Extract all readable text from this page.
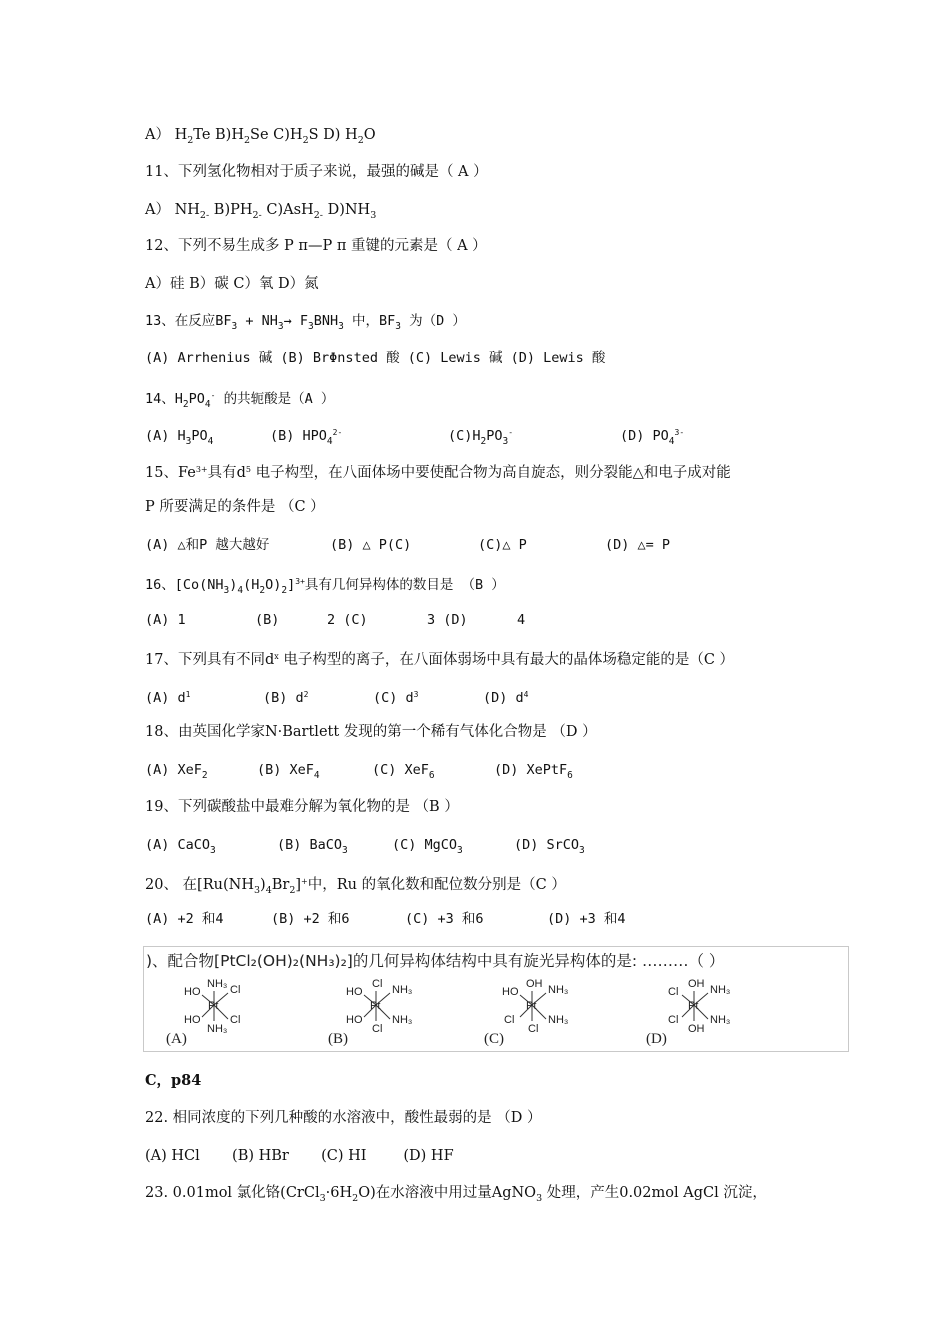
A） $H_2Te$ $B)H_2Se$ $C)H_2S$ D) $H_2O$
11、下列氢化物相对于质子来说，最强的碱是（ A ）
A） $NH_{2-}$ $B)PH_{2-}$ C)AsH$_{2-}$ $D)NH_3$
12、下列不易生成多 P π—P π 重键的元素是（ A ）
A）硅 B）碳 C）氧 D）氮
13、在反应$BF_3 + NH_3\to F_3BNH_3$ 中，$BF_3$ 为（D ）
(A) Arrhenius 碱 (B) BrΦnsted 酸 (C) Lewis 碱 (D) Lewis 酸
14、$H_2PO_4^-$ 的共轭酸是（A ）
(A) $H_3PO_4$	(B) $HPO_4^{2-}$	$(C)H_2PO_3^-$	(D) $PO_4^{3-}$
15、$Fe^{3+}$具有$d^5$ 电子构型，在八面体场中要使配合物为高自旋态，则分裂能△和电子成对能
P 所要满足的条件是 （C ）
(A) △和P 越大越好	(B) △ P(C)	(C)△ P	(D) △= P
16、$[Co(NH_3)_4(H_2O)_2]^{3+}$具有几何异构体的数目是 （B ）
(A) 1	(B)	2 (C)	3 (D)	4
17、下列具有不同$d^x$ 电子构型的离子，在八面体弱场中具有最大的晶体场稳定能的是（C ）
(A) $d^1$	(B) $d^2$	(C) $d^3$	(D) $d^4$
18、由英国化学家N·Bartlett 发现的第一个稀有气体化合物是 （D ）
(A) XeF$_2$	(B) XeF$_4$	(C) XeF$_6$	(D) XePtF$_6$
19、下列碳酸盐中最难分解为氧化物的是 （B ）
(A) CaCO$_3$	(B) BaCO$_3$	(C) MgCO$_3$	(D) SrCO$_3$
20、 在$[Ru(NH_3)_4Br_2]^+$中，Ru 的氧化数和配位数分别是（C ）
(A) +2 和4	(B) +2 和6	(C) +3 和6	(D) +3 和4
)、配合物[PtCl₂(OH)₂(NH₃)₂]的几何异构体结构中具有旋光异构体的是: ………（ ）
Pt
NH₃
NH₃
HO
HO
Cl
Cl
(A)
Pt
Cl
Cl
HO
HO
NH₃
NH₃
(B)
Pt
OH
Cl
HO
Cl
NH₃
NH₃
(C)
Pt
OH
OH
Cl
Cl
NH₃
NH₃
(D)
C，p84
22. 相同浓度的下列几种酸的水溶液中，酸性最弱的是 （D ）
(A) HCl       (B) HBr       (C) HI        (D) HF
23. 0.01mol 氯化铬$(CrCl_3\cdot 6H_2O)$在水溶液中用过量AgNO$_3$ 处理，产生0.02mol AgCl 沉淀，
